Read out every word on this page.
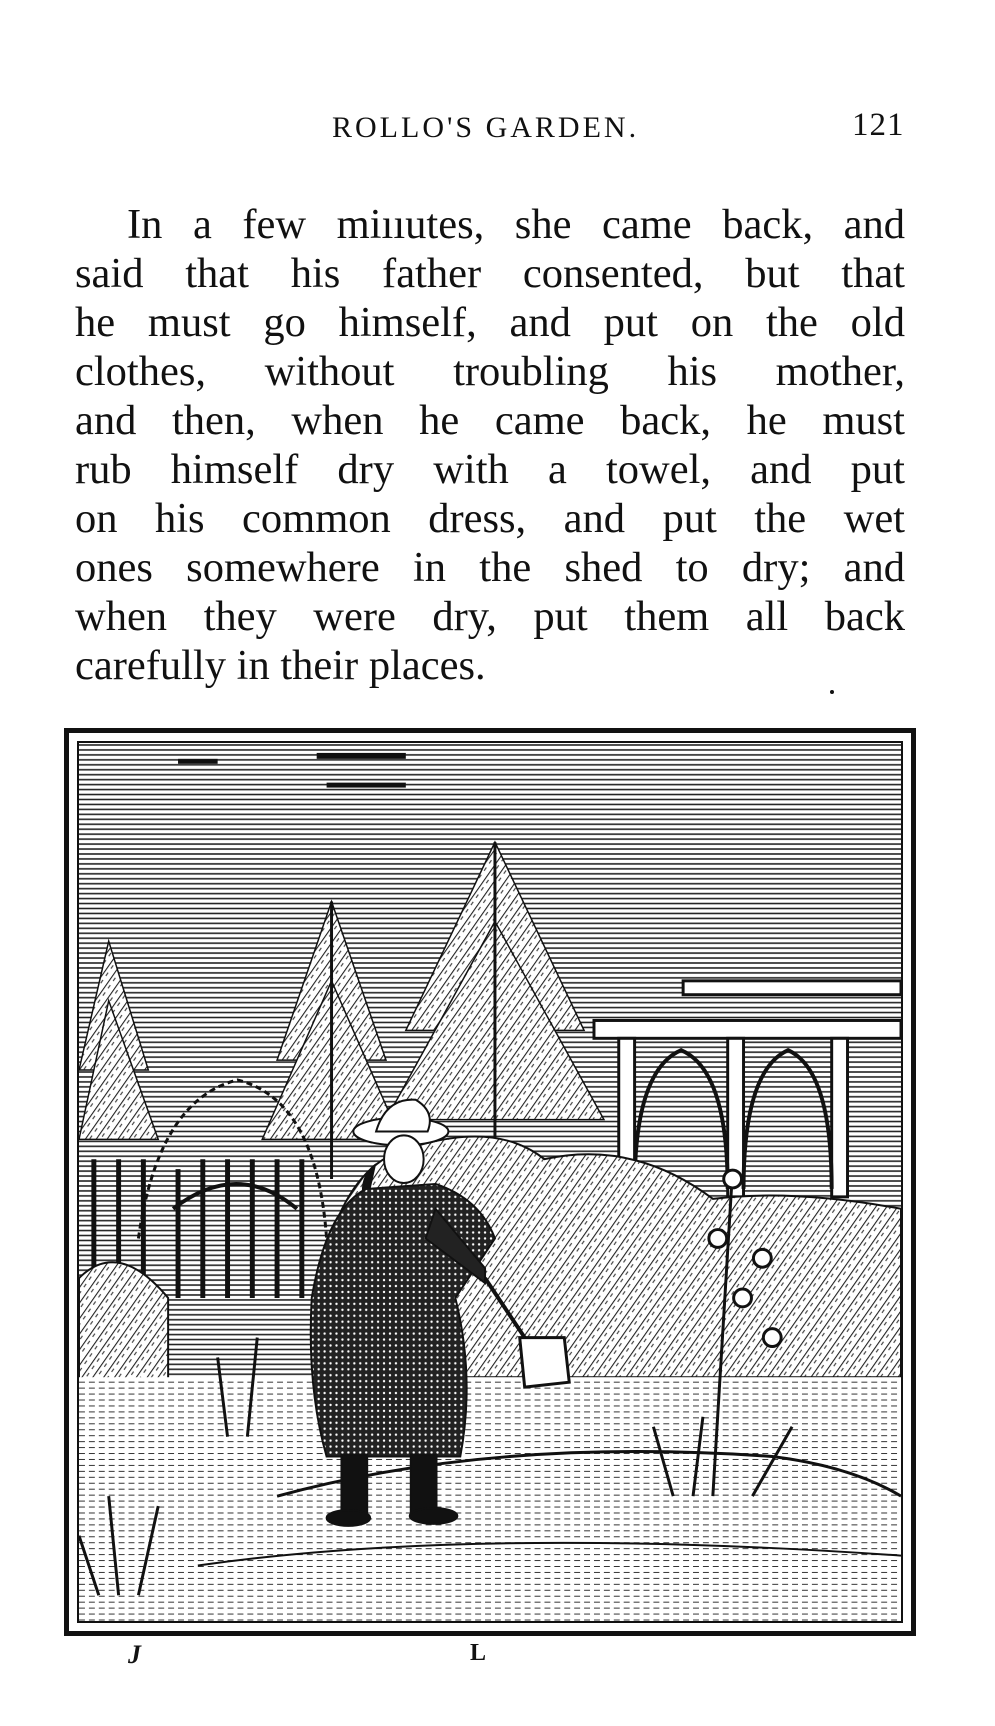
ROLLO'S GARDEN.	121
In a few miııutes, she came back, and
said that his father consented, but that
he must go himself, and put on the old
clothes, without troubling his mother,
and then, when he came back, he must
rub himself dry with a towel, and put
on his common dress, and put the wet
ones somewhere in the shed to dry; and
when they were dry, put them all back
carefully in their places.
J	L
